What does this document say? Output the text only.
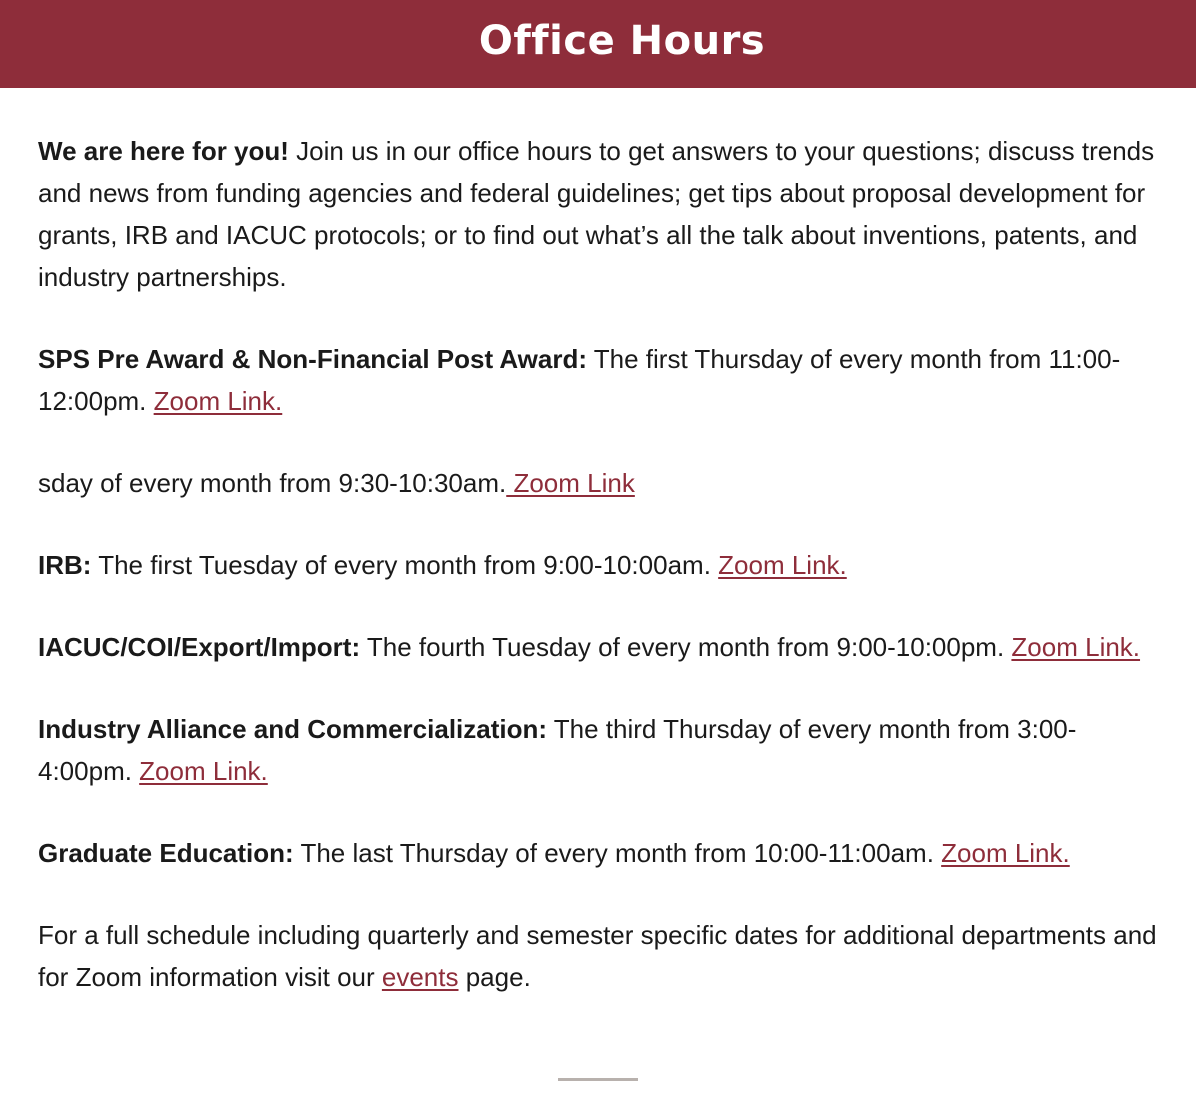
Office Hours

We are here for you! Join us in our office hours to get answers to your questions; discuss trends and news from funding agencies and federal guidelines; get tips about proposal development for grants, IRB and IACUC protocols; or to find out what’s all the talk about inventions, patents, and industry partnerships.

SPS Pre Award & Non-Financial Post Award: The first Thursday of every month from 11:00-12:00pm. Zoom Link.

sday of every month from 9:30-10:30am. Zoom Link

IRB: The first Tuesday of every month from 9:00-10:00am. Zoom Link.

IACUC/COI/Export/Import: The fourth Tuesday of every month from 9:00-10:00pm. Zoom Link.

Industry Alliance and Commercialization: The third Thursday of every month from 3:00-4:00pm. Zoom Link.

Graduate Education: The last Thursday of every month from 10:00-11:00am. Zoom Link.

For a full schedule including quarterly and semester specific dates for additional departments and for Zoom information visit our events page.
